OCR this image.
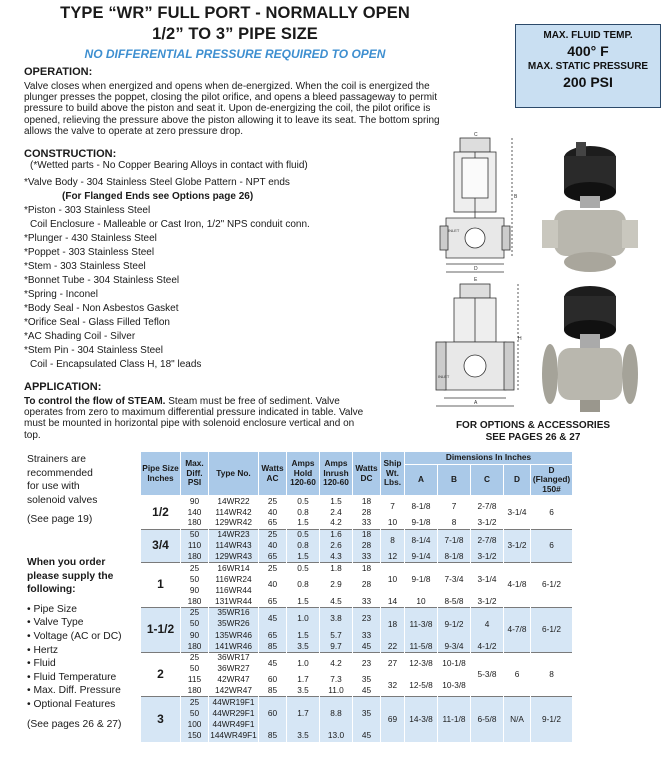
TYPE “WR” FULL PORT - NORMALLY OPEN
1/2” TO 3” PIPE SIZE
NO DIFFERENTIAL PRESSURE REQUIRED TO OPEN
MAX. FLUID TEMP.
400° F
MAX. STATIC PRESSURE
200 PSI
OPERATION:
Valve closes when energized and opens when de-energized. When the coil is energized the
plunger presses the poppet, closing the pilot orifice, and opens a bleed passageway to permit
pressure to build above the piston and seat it. Upon de-energizing the coil, the pilot orifice is
opened, relieving the pressure above the piston allowing it to leave its seat. The bottom spring
allows the valve to operate at zero pressure drop.
CONSTRUCTION:
(*Wetted parts - No Copper Bearing Alloys in contact with fluid)
*Valve Body - 304 Stainless Steel Globe Pattern - NPT ends
(For Flanged Ends see Options page 26)
*Piston - 303 Stainless Steel
Coil Enclosure - Malleable or Cast Iron, 1/2" NPS conduit conn.
*Plunger - 430 Stainless Steel
*Poppet - 303 Stainless Steel
*Stem - 303 Stainless Steel
*Bonnet Tube - 304 Stainless Steel
*Spring - Inconel
*Body Seal - Non Asbestos Gasket
*Orifice Seal - Glass Filled Teflon
*AC Shading Coil - Silver
*Stem Pin - 304 Stainless Steel
Coil - Encapsulated Class H, 18" leads
APPLICATION:
To control the flow of STEAM. Steam must be free of sediment. Valve
operates from zero to maximum differential pressure indicated in table. Valve
must be mounted in horizontal pipe with solenoid enclosure vertical and on
top.
INLET
INLET
C
B
D
E
H
A
FOR OPTIONS & ACCESSORIES
SEE PAGES 26 & 27
Strainers are
recommended
for use with
solenoid valves
(See page 19)
When you order
please supply the
following:
• Pipe Size
• Valve Type
• Voltage (AC or DC)
• Hertz
• Fluid
• Fluid Temperature
• Max. Diff. Pressure
• Optional Features
(See pages 26 & 27)
Pipe Size Inches	Max. Diff. PSI	Type No.	Watts AC	Amps Hold 120-60	Amps Inrush 120-60	Watts DC	Ship Wt. Lbs.	Dimensions In Inches				
								A	B	C	D	D (Flanged)
150#

1/2	90	14WR22	25	0.5	1.5	18	7	8-1/8	7	2-7/8	3-1/4	6
	140	114WR42	40	0.8	2.4	28						
	180	129WR42	65	1.5	4.2	33	10	9-1/8	8	3-1/2		
3/4	50	14WR23	25	0.5	1.6	18	8	8-1/4	7-1/8	2-7/8	3-1/2	6
	110	114WR43	40	0.8	2.6	28						
	180	129WR43	65	1.5	4.3	33	12	9-1/4	8-1/8	3-1/2		
1	25	16WR14	25	0.5	1.8	18	10	9-1/8	7-3/4	3-1/4	4-1/8	6-1/2
	50	116WR24	40	0.8	2.9	28						
	90	116WR44										
	180	131WR44	65	1.5	4.5	33	14	10	8-5/8	3-1/2		
1-1/2	25	35WR16	45	1.0	3.8	23	18	11-3/8	9-1/2	4	4-7/8	6-1/2
	50	35WR26										
	90	135WR46	65	1.5	5.7	33						
	180	141WR46	85	3.5	9.7	45	22	11-5/8	9-3/4	4-1/2		
2	25	36WR17	45	1.0	4.2	23	27	12-3/8	10-1/8	5-3/8	6	8
	50	36WR27										
	115	42WR47	60	1.7	7.3	35	32	12-5/8	10-3/8			
	180	142WR47	85	3.5	11.0	45						
3	25	44WR19F1	60	1.7	8.8	35	69	14-3/8	11-1/8	6-5/8	N/A	9-1/2
	50	44WR29F1										
	100	44WR49F1										
	150	144WR49F1	85	3.5	13.0	45						
